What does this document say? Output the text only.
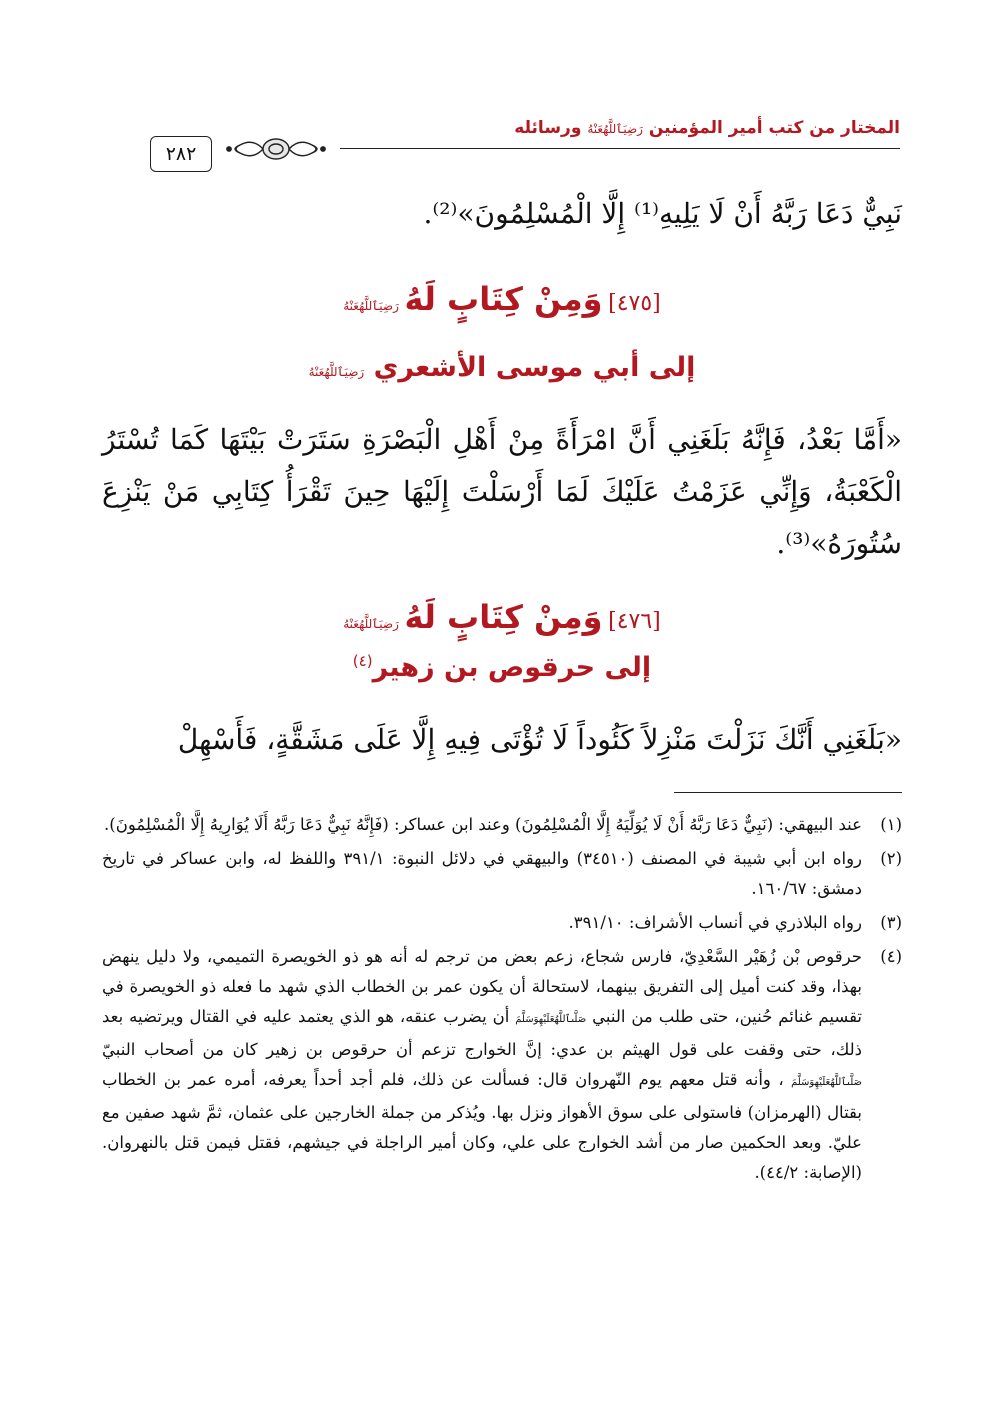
المختار من كتب أمير المؤمنين رَضِيَٱللَّهُعَنْهُ ورسائله
٢٨٢
نَبِيٌّ دَعَا رَبَّهُ أَنْ لَا يَلِيهِ⁽¹⁾ إِلَّا الْمُسْلِمُونَ»⁽²⁾.
[٤٧٥] وَمِنْ كِتَابٍ لَهُ رَضِيَٱللَّهُعَنْهُ
إلى أبي موسى الأشعري رَضِيَٱللَّهُعَنْهُ
«أَمَّا بَعْدُ، فَإِنَّهُ بَلَغَنِي أَنَّ امْرَأَةً مِنْ أَهْلِ الْبَصْرَةِ سَتَرَتْ بَيْتَهَا كَمَا تُسْتَرُ الْكَعْبَةُ، وَإِنِّي عَزَمْتُ عَلَيْكَ لَمَا أَرْسَلْتَ إِلَيْهَا حِينَ تَقْرَأُ كِتَابِي مَنْ يَنْزِعَ سُتُورَهُ»⁽³⁾.
[٤٧٦] وَمِنْ كِتَابٍ لَهُ رَضِيَٱللَّهُعَنْهُ
إلى حرقوص بن زهير$^{(٤)}$
«بَلَغَنِي أَنَّكَ نَزَلْتَ مَنْزِلاً كَئُوداً لَا تُؤْتَى فِيهِ إِلَّا عَلَى مَشَقَّةٍ، فَأَسْهِلْ
(١)
عند البيهقي: (نَبِيٌّ دَعَا رَبَّهُ أَنْ لَا يُوَلِّيَهُ إِلَّا الْمُسْلِمُونَ) وعند ابن عساكر: (فَإِنَّهُ نَبِيٌّ دَعَا رَبَّهُ أَلَا يُوَارِيهُ إِلَّا الْمُسْلِمُونَ).
(٢)
رواه ابن أبي شيبة في المصنف (٣٤٥١٠) والبيهقي في دلائل النبوة: ٣٩١/١ واللفظ له، وابن عساكر في تاريخ دمشق: ١٦٠/٦٧.
(٣)
رواه البلاذري في أنساب الأشراف: ٣٩١/١٠.
(٤)
حرقوص بْن زُهَيْر السَّعْدِيّ، فارس شجاع، زعم بعض من ترجم له أنه هو ذو الخويصرة التميمي، ولا دليل ينهض بهذا، وقد كنت أميل إلى التفريق بينهما، لاستحالة أن يكون عمر بن الخطاب الذي شهد ما فعله ذو الخويصرة في تقسيم غنائم حُنين، حتى طلب من النبي صَلَّىٱللَّهُعَلَيْهِوَسَلَّمَ أن يضرب عنقه، هو الذي يعتمد عليه في القتال ويرتضيه بعد ذلك، حتى وقفت على قول الهيثم بن عدي: إنَّ الخوارج تزعم أن حرقوص بن زهير كان من أصحاب النبيّ صَلَّىٱللَّهُعَلَيْهِوَسَلَّمَ ، وأنه قتل معهم يوم النّهروان قال: فسألت عن ذلك، فلم أجد أحداً يعرفه، أمره عمر بن الخطاب بقتال (الهرمزان) فاستولى على سوق الأهواز ونزل بها. ويُذكر من جملة الخارجين على عثمان، ثمَّ شهد صفين مع عليّ. وبعد الحكمين صار من أشد الخوارج على علي، وكان أمير الراجلة في جيشهم، فقتل فيمن قتل بالنهروان. (الإصابة: ٤٤/٢).
